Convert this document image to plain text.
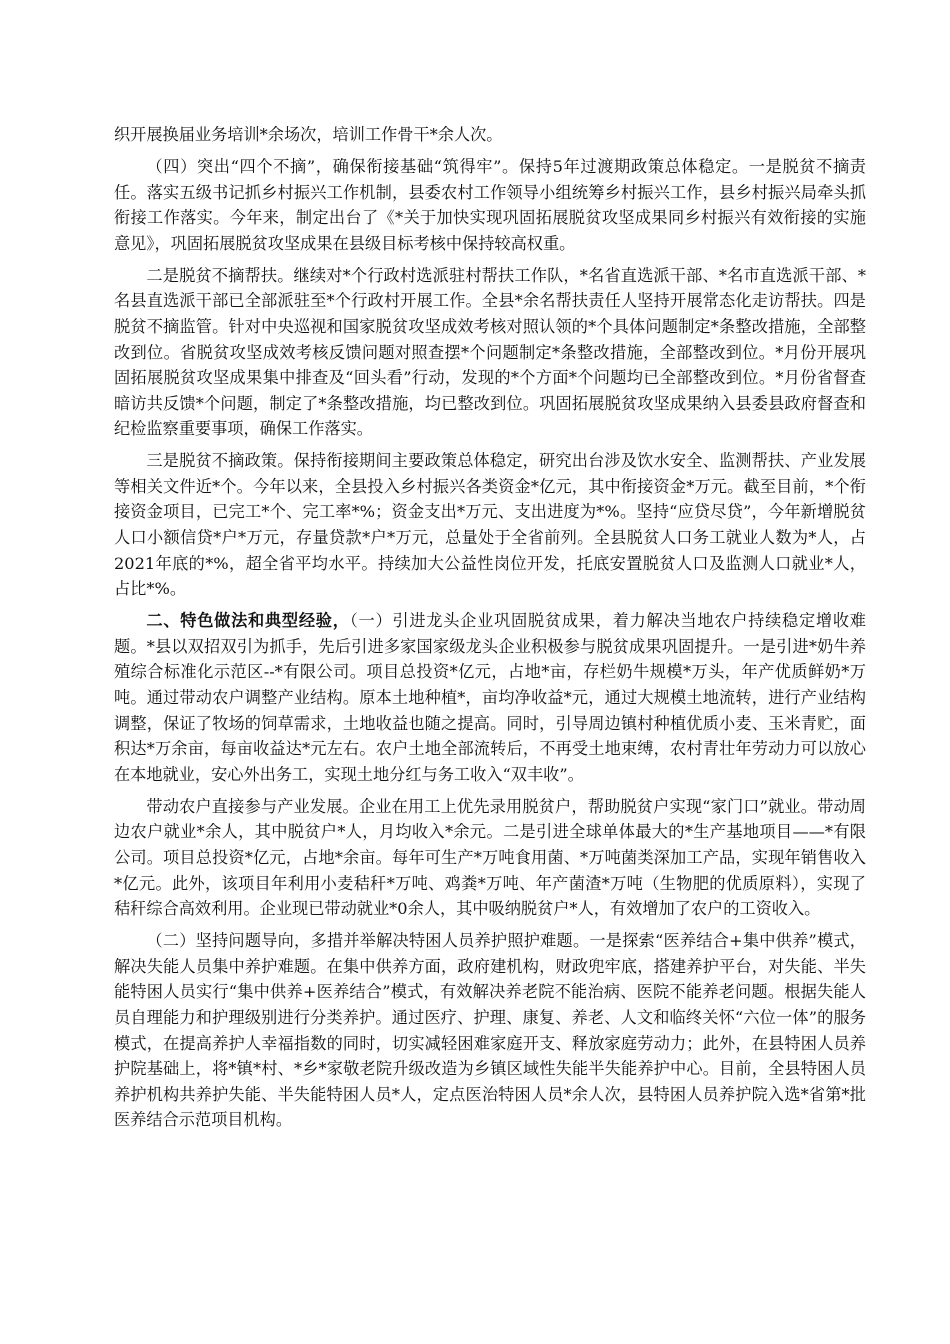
织开展换届业务培训*余场次，培训工作骨干*余人次。

（四）突出“四个不摘”，确保衔接基础“筑得牢”。保持5年过渡期政策总体稳定。一是脱贫不摘责任。落实五级书记抓乡村振兴工作机制，县委农村工作领导小组统筹乡村振兴工作，县乡村振兴局牵头抓衔接工作落实。今年来，制定出台了《*关于加快实现巩固拓展脱贫攻坚成果同乡村振兴有效衔接的实施意见》，巩固拓展脱贫攻坚成果在县级目标考核中保持较高权重。

二是脱贫不摘帮扶。继续对*个行政村选派驻村帮扶工作队，*名省直选派干部、*名市直选派干部、*名县直选派干部已全部派驻至*个行政村开展工作。全县*余名帮扶责任人坚持开展常态化走访帮扶。四是脱贫不摘监管。针对中央巡视和国家脱贫攻坚成效考核对照认领的*个具体问题制定*条整改措施，全部整改到位。省脱贫攻坚成效考核反馈问题对照查摆*个问题制定*条整改措施，全部整改到位。*月份开展巩固拓展脱贫攻坚成果集中排查及“回头看”行动，发现的*个方面*个问题均已全部整改到位。*月份省督查暗访共反馈*个问题，制定了*条整改措施，均已整改到位。巩固拓展脱贫攻坚成果纳入县委县政府督查和纪检监察重要事项，确保工作落实。

三是脱贫不摘政策。保持衔接期间主要政策总体稳定，研究出台涉及饮水安全、监测帮扶、产业发展等相关文件近*个。今年以来，全县投入乡村振兴各类资金*亿元，其中衔接资金*万元。截至目前，*个衔接资金项目，已完工*个、完工率*%；资金支出*万元、支出进度为*%。坚持“应贷尽贷”，今年新增脱贫人口小额信贷*户*万元，存量贷款*户*万元，总量处于全省前列。全县脱贫人口务工就业人数为*人，占2021年底的*%，超全省平均水平。持续加大公益性岗位开发，托底安置脱贫人口及监测人口就业*人，占比*%。

二、特色做法和典型经验，（一）引进龙头企业巩固脱贫成果，着力解决当地农户持续稳定增收难题。*县以双招双引为抓手，先后引进多家国家级龙头企业积极参与脱贫成果巩固提升。一是引进*奶牛养殖综合标准化示范区--*有限公司。项目总投资*亿元，占地*亩，存栏奶牛规模*万头，年产优质鲜奶*万吨。通过带动农户调整产业结构。原本土地种植*，亩均净收益*元，通过大规模土地流转，进行产业结构调整，保证了牧场的饲草需求，土地收益也随之提高。同时，引导周边镇村种植优质小麦、玉米青贮，面积达*万余亩，每亩收益达*元左右。农户土地全部流转后，不再受土地束缚，农村青壮年劳动力可以放心在本地就业，安心外出务工，实现土地分红与务工收入“双丰收”。

带动农户直接参与产业发展。企业在用工上优先录用脱贫户，帮助脱贫户实现“家门口”就业。带动周边农户就业*余人，其中脱贫户*人，月均收入*余元。二是引进全球单体最大的*生产基地项目——*有限公司。项目总投资*亿元，占地*余亩。每年可生产*万吨食用菌、*万吨菌类深加工产品，实现年销售收入*亿元。此外，该项目年利用小麦秸秆*万吨、鸡粪*万吨、年产菌渣*万吨（生物肥的优质原料），实现了秸秆综合高效利用。企业现已带动就业*0余人，其中吸纳脱贫户*人，有效增加了农户的工资收入。

（二）坚持问题导向，多措并举解决特困人员养护照护难题。一是探索“医养结合+集中供养”模式，解决失能人员集中养护难题。在集中供养方面，政府建机构，财政兜牢底，搭建养护平台，对失能、半失能特困人员实行“集中供养+医养结合”模式，有效解决养老院不能治病、医院不能养老问题。根据失能人员自理能力和护理级别进行分类养护。通过医疗、护理、康复、养老、人文和临终关怀“六位一体”的服务模式，在提高养护人幸福指数的同时，切实减轻困难家庭开支、释放家庭劳动力；此外，在县特困人员养护院基础上，将*镇*村、*乡*家敬老院升级改造为乡镇区域性失能半失能养护中心。目前，全县特困人员养护机构共养护失能、半失能特困人员*人，定点医治特困人员*余人次，县特困人员养护院入选*省第*批医养结合示范项目机构。
